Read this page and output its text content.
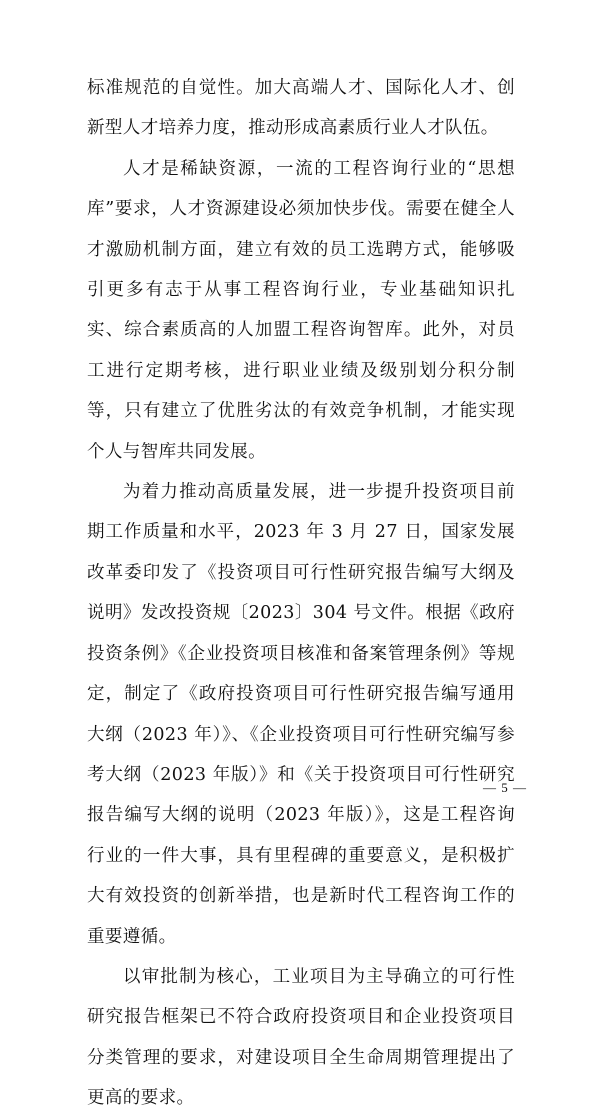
标准规范的自觉性。加大高端人才、国际化人才、创新型人才培养力度，推动形成高素质行业人才队伍。

人才是稀缺资源，一流的工程咨询行业的“思想库”要求，人才资源建设必须加快步伐。需要在健全人才激励机制方面，建立有效的员工选聘方式，能够吸引更多有志于从事工程咨询行业，专业基础知识扎实、综合素质高的人加盟工程咨询智库。此外，对员工进行定期考核，进行职业业绩及级别划分积分制等，只有建立了优胜劣汰的有效竞争机制，才能实现个人与智库共同发展。

为着力推动高质量发展，进一步提升投资项目前期工作质量和水平，2023 年 3 月 27 日，国家发展改革委印发了《投资项目可行性研究报告编写大纲及说明》发改投资规〔2023〕304 号文件。根据《政府投资条例》《企业投资项目核准和备案管理条例》等规定，制定了《政府投资项目可行性研究报告编写通用大纲（2023 年）》、《企业投资项目可行性研究编写参考大纲（2023 年版）》和《关于投资项目可行性研究报告编写大纲的说明（2023 年版）》，这是工程咨询行业的一件大事，具有里程碑的重要意义，是积极扩大有效投资的创新举措，也是新时代工程咨询工作的重要遵循。

以审批制为核心，工业项目为主导确立的可行性研究报告框架已不符合政府投资项目和企业投资项目分类管理的要求，对建设项目全生命周期管理提出了更高的要求。

— 5 —
